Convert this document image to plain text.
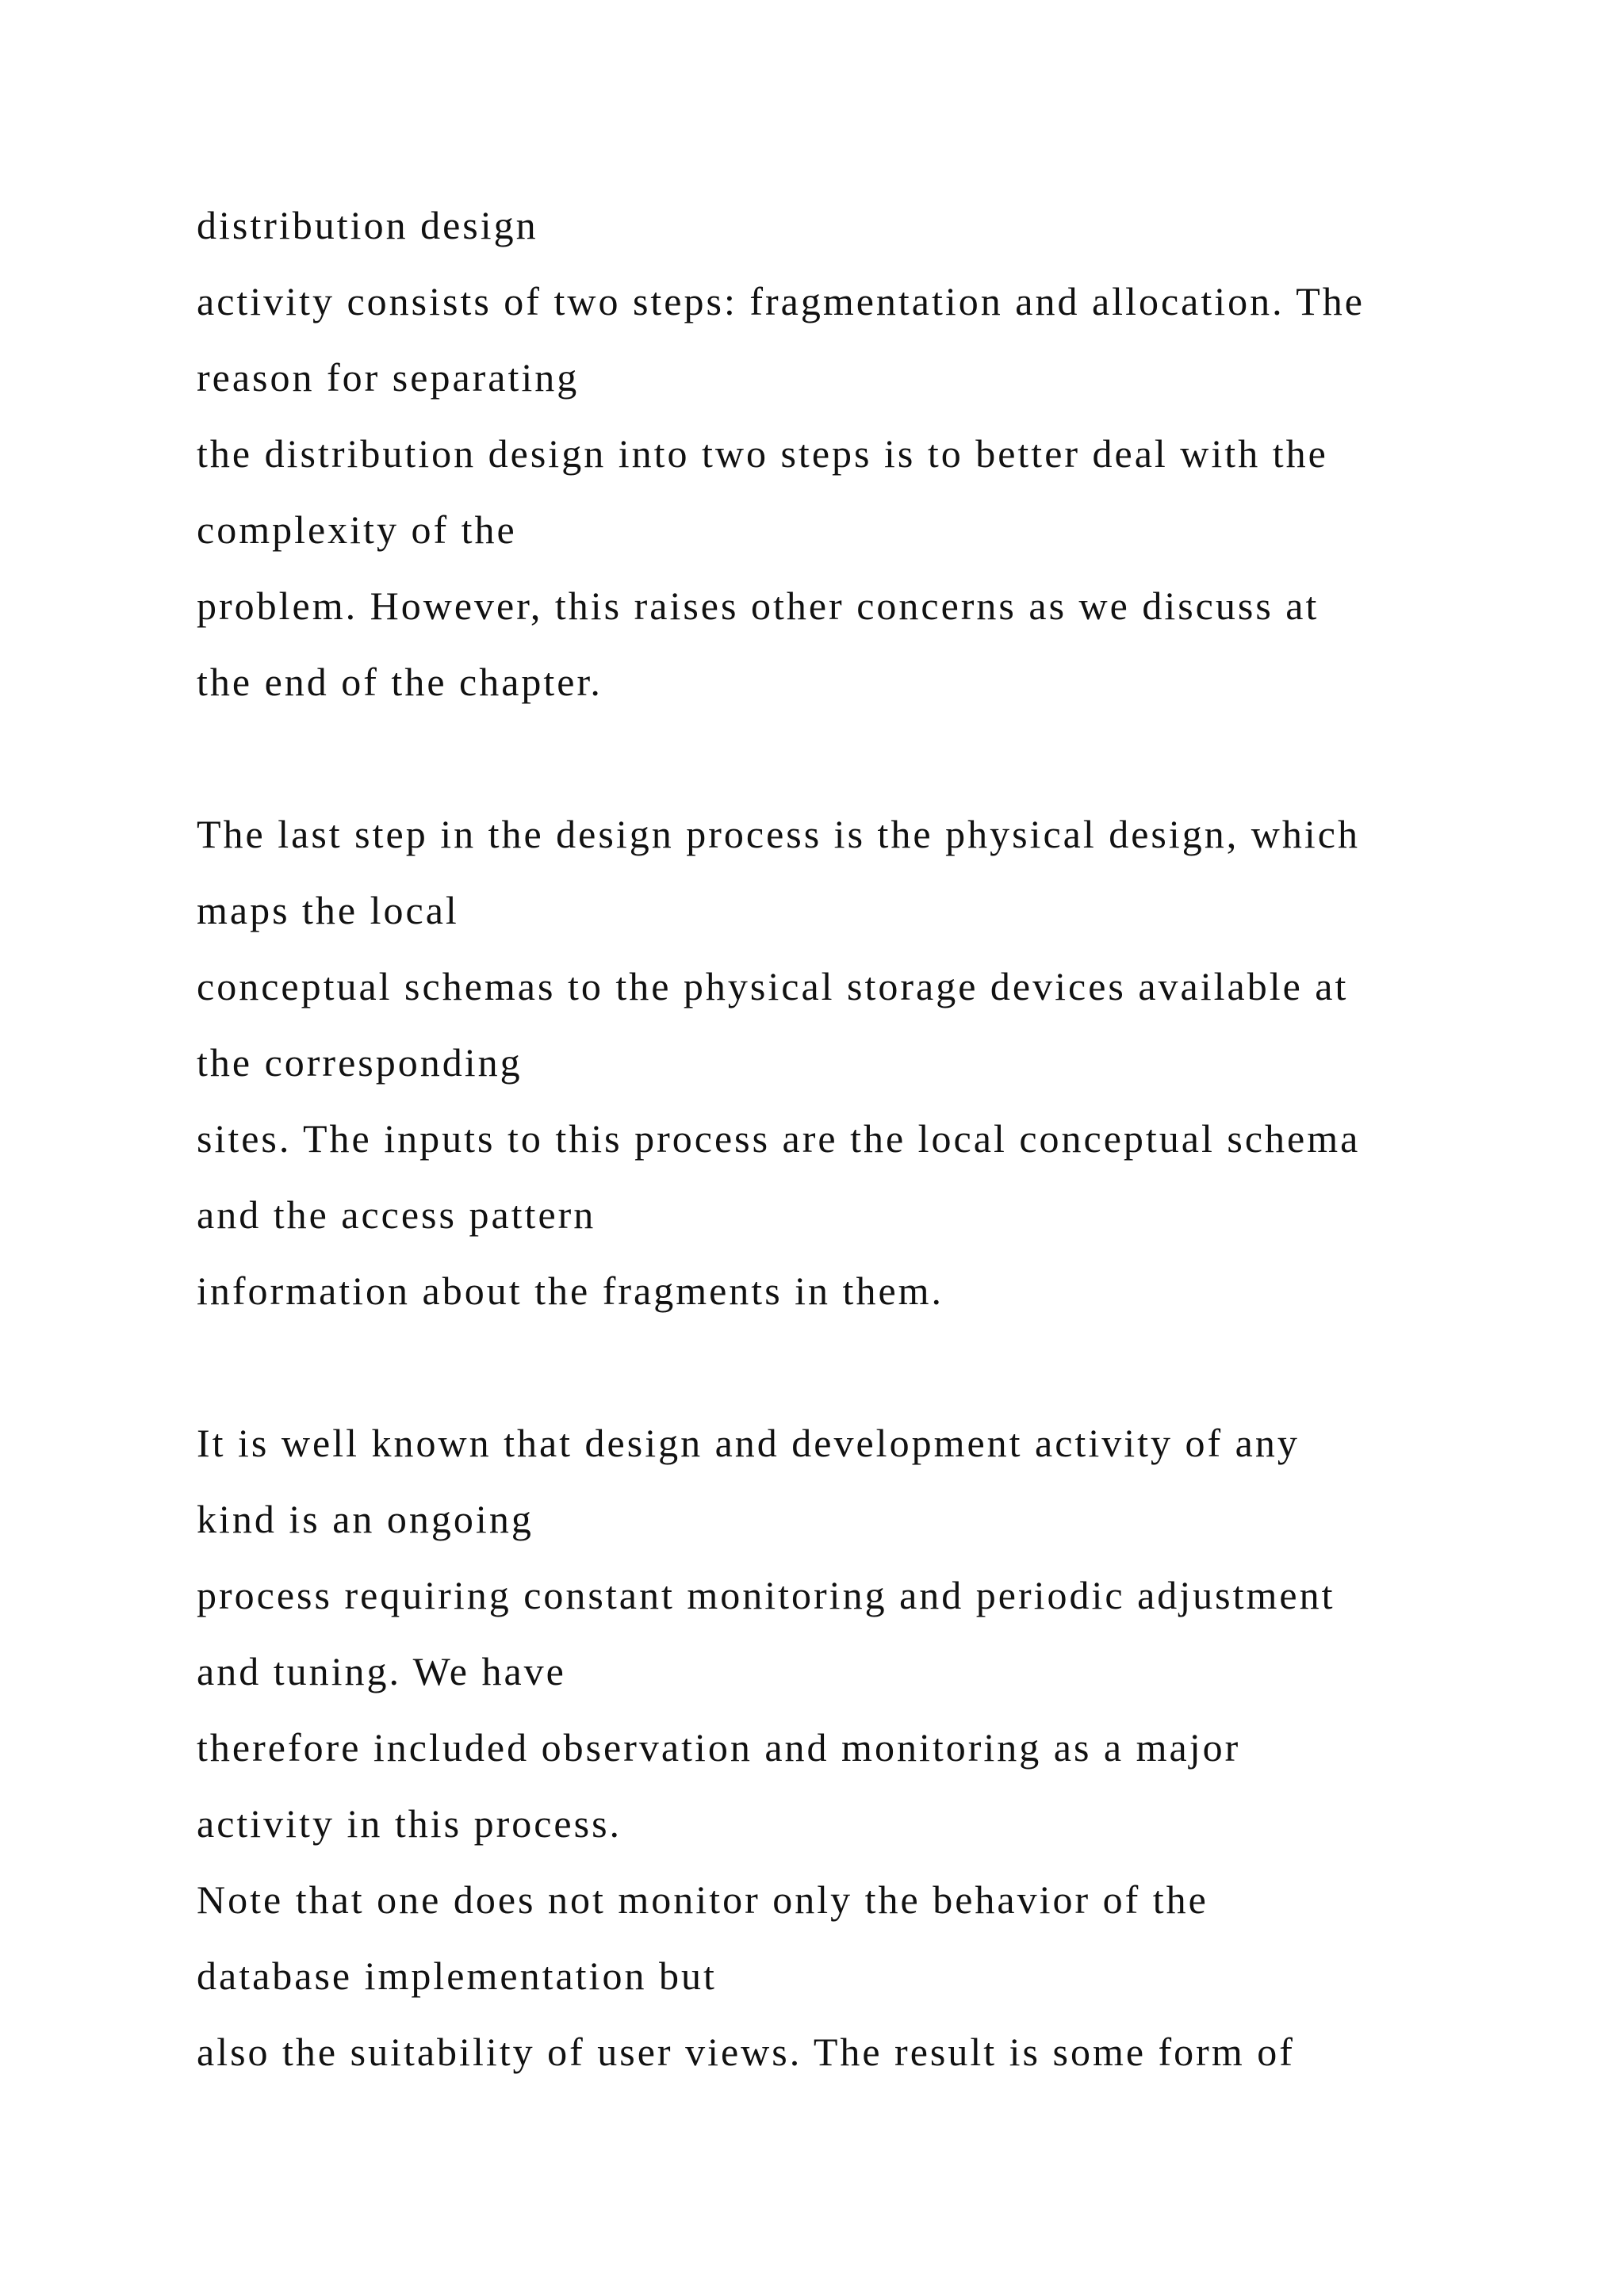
distribution design
activity consists of two steps: fragmentation and allocation. The
reason for separating
the distribution design into two steps is to better deal with the
complexity of the
problem. However, this raises other concerns as we discuss at
the end of the chapter.
The last step in the design process is the physical design, which
maps the local
conceptual schemas to the physical storage devices available at
the corresponding
sites. The inputs to this process are the local conceptual schema
and the access pattern
information about the fragments in them.
It is well known that design and development activity of any
kind is an ongoing
process requiring constant monitoring and periodic adjustment
and tuning. We have
therefore included observation and monitoring as a major
activity in this process.
Note that one does not monitor only the behavior of the
database implementation but
also the suitability of user views. The result is some form of
